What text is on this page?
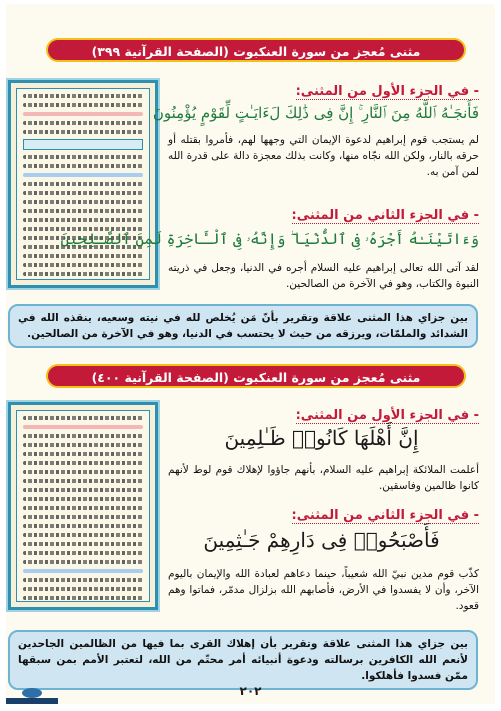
مثنى مُعجز من سورة العنكبوت (الصفحة القرآنية ٣٩٩)
- في الجزء الأول من المثنى:
فَأَنجَـٰهُ ٱللَّهُ مِنَ ٱلنَّارِ ۚ إِنَّ فِى ذَٰلِكَ لَءَايَـٰتٍ لِّقَوْمٍ يُؤْمِنُونَ
لم يستجب قوم إبراهيم لدعوة الإيمان التي وجهها لهم، فأمروا بقتله أو حرقه بالنار، ولكن الله نجّاه منها، وكانت بذلك معجزة دالة على قدرة الله لمن آمن به.
- في الجزء الثاني من المثنى:
وَءَاتَيْنَـٰهُ أَجْرَهُۥ فِى ٱلدُّنْيَا ۖ وَإِنَّهُۥ فِى ٱلْـَٔاخِرَةِ لَمِنَ ٱلصَّـٰلِحِينَ
لقد آتى الله تعالى إبراهيم عليه السلام أجره في الدنيا، وجعل في ذريته النبوة والكتاب، وهو في الآخرة من الصالحين.
بين جزاي هذا المثنى علاقة وتقرير بأنّ مَن يُخلص لله في نيته وسعيه، ينقذه الله في الشدائد والملمّات، ويرزقه من حيث لا يحتسب في الدنيا، وهو في الآخرة من الصالحين.
مثنى مُعجز من سورة العنكبوت (الصفحة القرآنية ٤٠٠)
- في الجزء الأول من المثنى:
إِنَّ أَهْلَهَا كَانُوا۟ ظَـٰلِمِينَ
أعلمت الملائكة إبراهيم عليه السلام، بأنهم جاؤوا لإهلاك قوم لوط لأنهم كانوا ظالمين وفاسقين.
- في الجزء الثاني من المثنى:
فَأَصْبَحُوا۟ فِى دَارِهِمْ جَـٰثِمِينَ
كذّب قوم مدين نبيّ الله شعيباً، حينما دعاهم لعبادة الله والإيمان باليوم الآخر، وأن لا يفسدوا في الأرض، فأصابهم الله بزلزال مدمّر، فماتوا وهم قعود.
بين جزاي هذا المثنى علاقة وتقرير بأن إهلاك القرى بما فيها من الظالمين الجاحدين لأنعم الله الكافرين برسالته ودعوة أنبيائه أمر محتّم من الله، لتعتبر الأمم بمن سبقها ممّن فسدوا فأهلكوا.
٢٠٢
